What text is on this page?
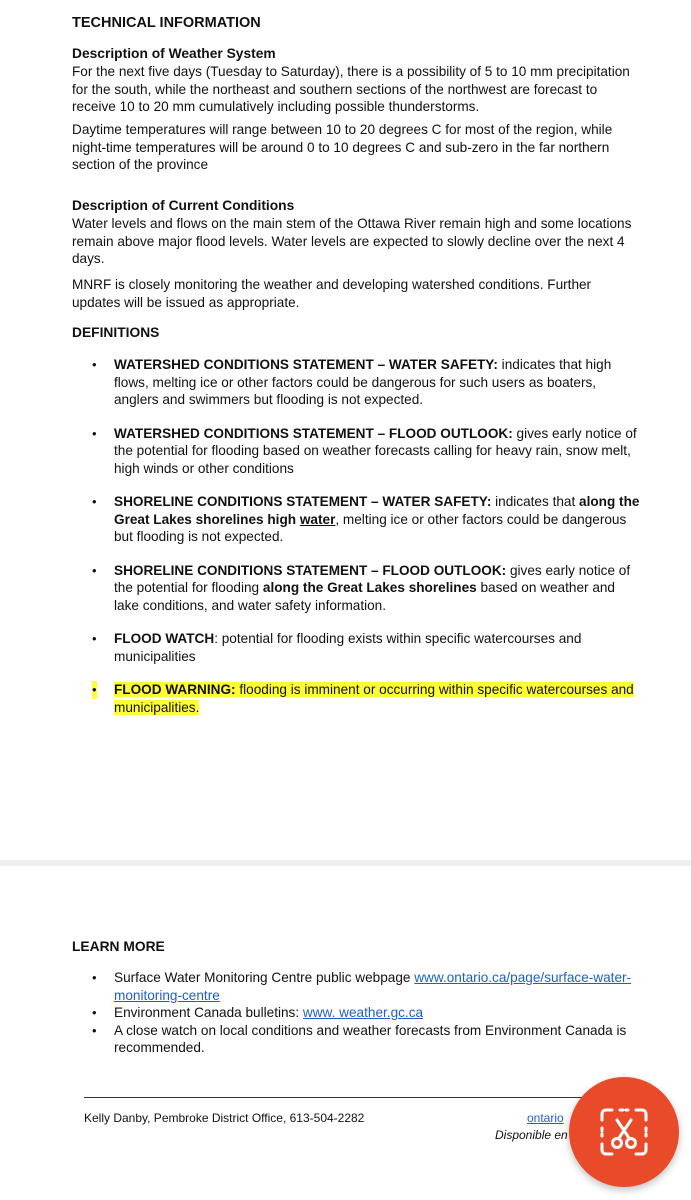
TECHNICAL INFORMATION
Description of Weather System
For the next five days (Tuesday to Saturday), there is a possibility of 5 to 10 mm precipitation for the south, while the northeast and southern sections of the northwest are forecast to receive 10 to 20 mm cumulatively including possible thunderstorms.
Daytime temperatures will range between 10 to 20 degrees C for most of the region, while night-time temperatures will be around 0 to 10 degrees C and sub-zero in the far northern section of the province
Description of Current Conditions
Water levels and flows on the main stem of the Ottawa River remain high and some locations remain above major flood levels. Water levels are expected to slowly decline over the next 4 days.
MNRF is closely monitoring the weather and developing watershed conditions. Further updates will be issued as appropriate.
DEFINITIONS
• WATERSHED CONDITIONS STATEMENT – WATER SAFETY: indicates that high flows, melting ice or other factors could be dangerous for such users as boaters, anglers and swimmers but flooding is not expected.
• WATERSHED CONDITIONS STATEMENT – FLOOD OUTLOOK: gives early notice of the potential for flooding based on weather forecasts calling for heavy rain, snow melt, high winds or other conditions
• SHORELINE CONDITIONS STATEMENT – WATER SAFETY: indicates that along the Great Lakes shorelines high water, melting ice or other factors could be dangerous but flooding is not expected.
• SHORELINE CONDITIONS STATEMENT – FLOOD OUTLOOK: gives early notice of the potential for flooding along the Great Lakes shorelines based on weather and lake conditions, and water safety information.
• FLOOD WATCH: potential for flooding exists within specific watercourses and municipalities
• FLOOD WARNING: flooding is imminent or occurring within specific watercourses and municipalities.
LEARN MORE
• Surface Water Monitoring Centre public webpage www.ontario.ca/page/surface-water-monitoring-centre
• Environment Canada bulletins: www. weather.gc.ca
• A close watch on local conditions and weather forecasts from Environment Canada is recommended.
Kelly Danby, Pembroke District Office, 613-504-2282	ontario
Disponible en
